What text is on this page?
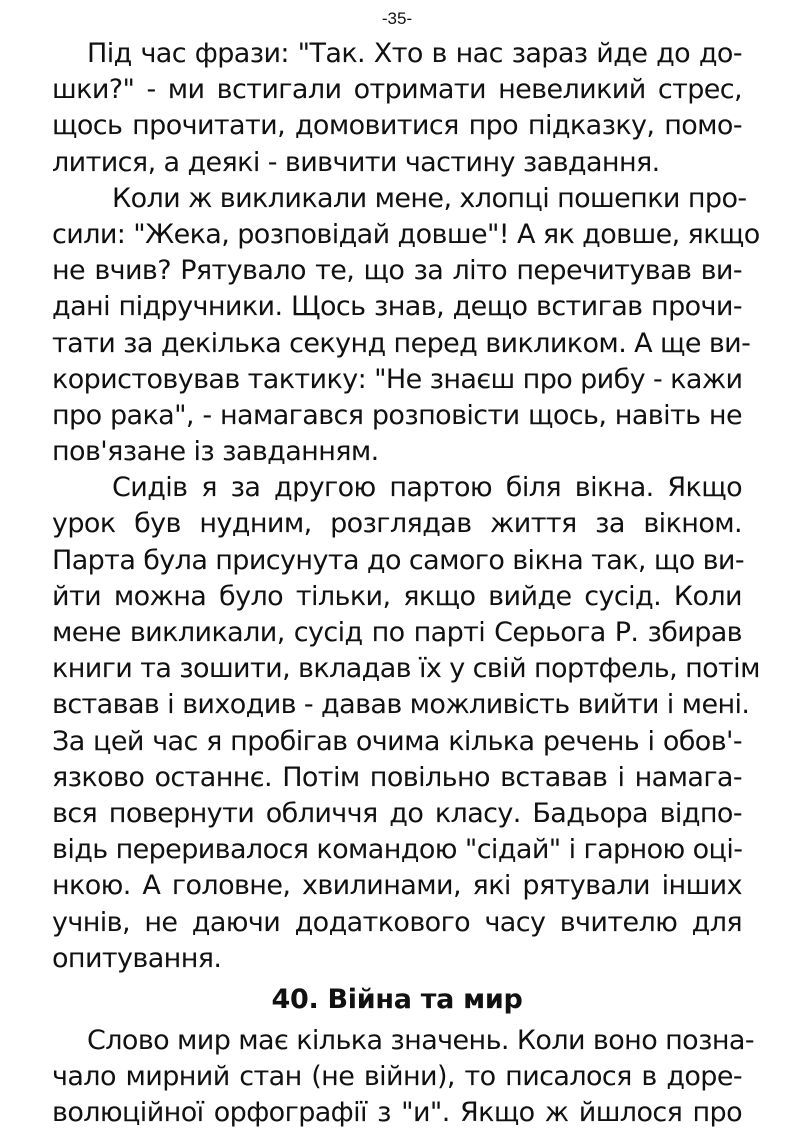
-35-
Під час фрази: "Так. Хто в нас зараз йде до до-
шки?" - ми встигали отримати невеликий стрес,
щось прочитати, домовитися про підказку, помо-
литися, а деякі - вивчити частину завдання.
Коли ж викликали мене, хлопці пошепки про-
сили: "Жека, розповідай довше"! А як довше, якщо
не вчив? Рятувало те, що за літо перечитував ви-
дані підручники. Щось знав, дещо встигав прочи-
тати за декілька секунд перед викликом. А ще ви-
користовував тактику: "Не знаєш про рибу - кажи
про рака", - намагався розповісти щось, навіть не
пов'язане із завданням.
Сидів я за другою партою біля вікна. Якщо
урок був нудним, розглядав життя за вікном.
Парта була присунута до самого вікна так, що ви-
йти можна було тільки, якщо вийде сусід. Коли
мене викликали, сусід по парті Серьога Р. збирав
книги та зошити, вкладав їх у свій портфель, потім
вставав і виходив - давав можливість вийти і мені.
За цей час я пробігав очима кілька речень і обов'-
язково останнє. Потім повільно вставав і намага-
вся повернути обличчя до класу. Бадьора відпо-
відь переривалося командою "сідай" і гарною оці-
нкою. А головне, хвилинами, які рятували інших
учнів, не даючи додаткового часу вчителю для
опитування.
40. Війна та мир
Слово мир має кілька значень. Коли воно позна-
чало мирний стан (не війни), то писалося в доре-
волюційної орфографії з "и". Якщо ж йшлося про
